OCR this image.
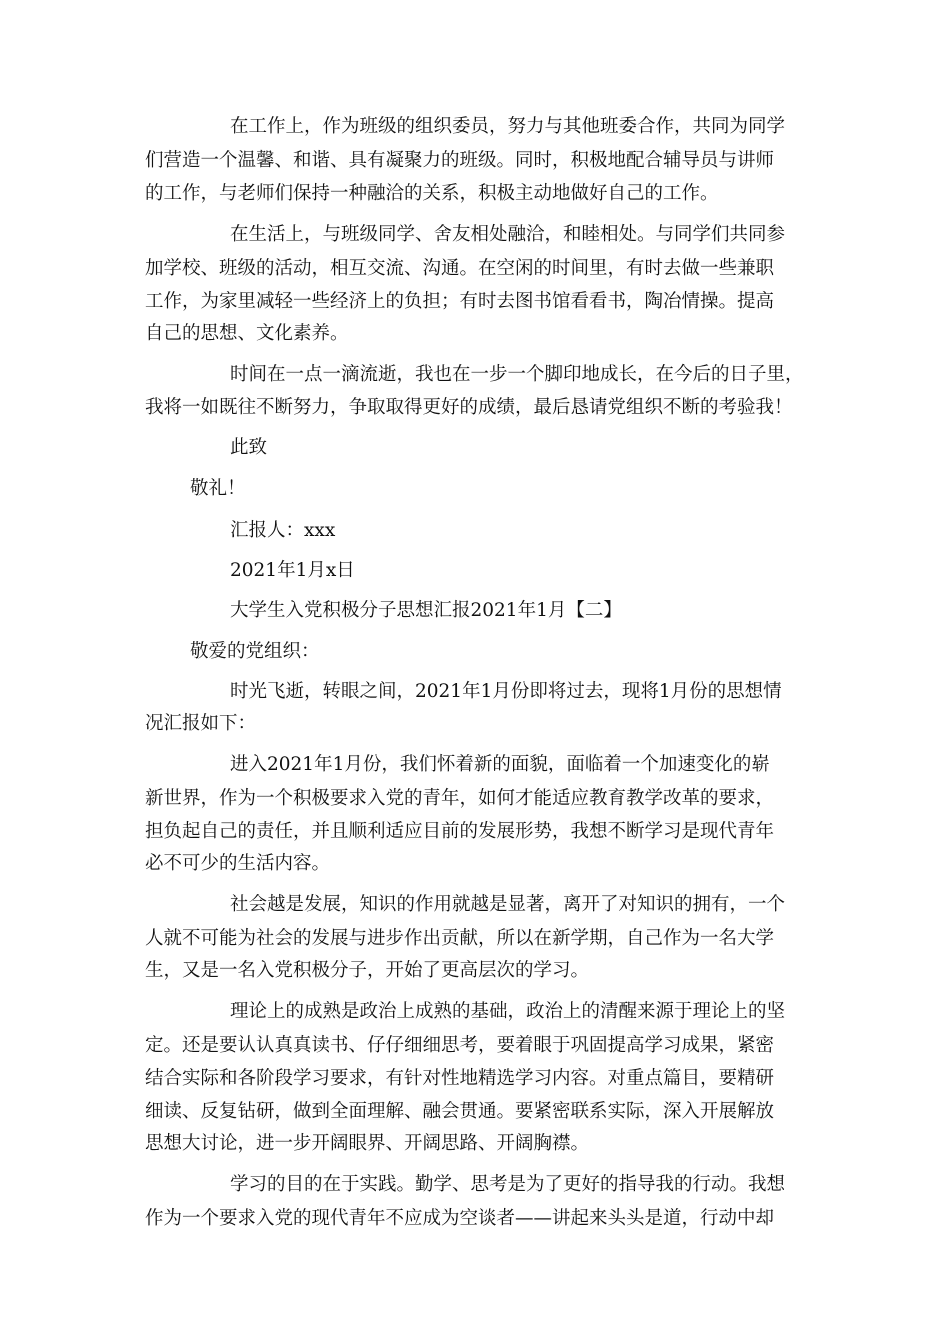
在工作上，作为班级的组织委员，努力与其他班委合作，共同为同学
们营造一个温馨、和谐、具有凝聚力的班级。同时，积极地配合辅导员与讲师
的工作，与老师们保持一种融洽的关系，积极主动地做好自己的工作。
在生活上，与班级同学、舍友相处融洽，和睦相处。与同学们共同参
加学校、班级的活动，相互交流、沟通。在空闲的时间里，有时去做一些兼职
工作，为家里减轻一些经济上的负担；有时去图书馆看看书，陶冶情操。提高
自己的思想、文化素养。
时间在一点一滴流逝，我也在一步一个脚印地成长，在今后的日子里，
我将一如既往不断努力，争取取得更好的成绩，最后恳请党组织不断的考验我！
此致
敬礼！
汇报人：xxx
2021年1月x日
大学生入党积极分子思想汇报2021年1月【二】
敬爱的党组织：
时光飞逝，转眼之间，2021年1月份即将过去，现将1月份的思想情
况汇报如下：
进入2021年1月份，我们怀着新的面貌，面临着一个加速变化的崭
新世界，作为一个积极要求入党的青年，如何才能适应教育教学改革的要求，
担负起自己的责任，并且顺利适应目前的发展形势，我想不断学习是现代青年
必不可少的生活内容。
社会越是发展，知识的作用就越是显著，离开了对知识的拥有，一个
人就不可能为社会的发展与进步作出贡献，所以在新学期，自己作为一名大学
生，又是一名入党积极分子，开始了更高层次的学习。
理论上的成熟是政治上成熟的基础，政治上的清醒来源于理论上的坚
定。还是要认认真真读书、仔仔细细思考，要着眼于巩固提高学习成果，紧密
结合实际和各阶段学习要求，有针对性地精选学习内容。对重点篇目，要精研
细读、反复钻研，做到全面理解、融会贯通。要紧密联系实际，深入开展解放
思想大讨论，进一步开阔眼界、开阔思路、开阔胸襟。
学习的目的在于实践。勤学、思考是为了更好的指导我的行动。我想
作为一个要求入党的现代青年不应成为空谈者——讲起来头头是道，行动中却
